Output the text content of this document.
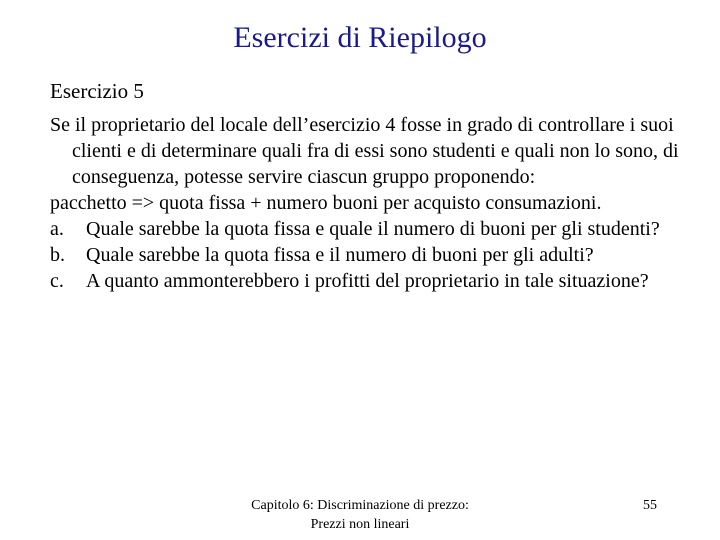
Esercizi di Riepilogo
Esercizio 5

Se il proprietario del locale dell’esercizio 4 fosse in grado di controllare i suoi clienti e di determinare quali fra di essi sono studenti e quali non lo sono, di conseguenza, potesse servire ciascun gruppo proponendo:

pacchetto => quota fissa + numero buoni per acquisto consumazioni.

a.	Quale sarebbe la quota fissa e quale il numero di buoni per gli studenti?
b.	Quale sarebbe la quota fissa e il numero di buoni per gli adulti?
c.	A quanto ammonterebbero i profitti del proprietario in tale situazione?
Capitolo 6: Discriminazione di prezzo: Prezzi non lineari
55
